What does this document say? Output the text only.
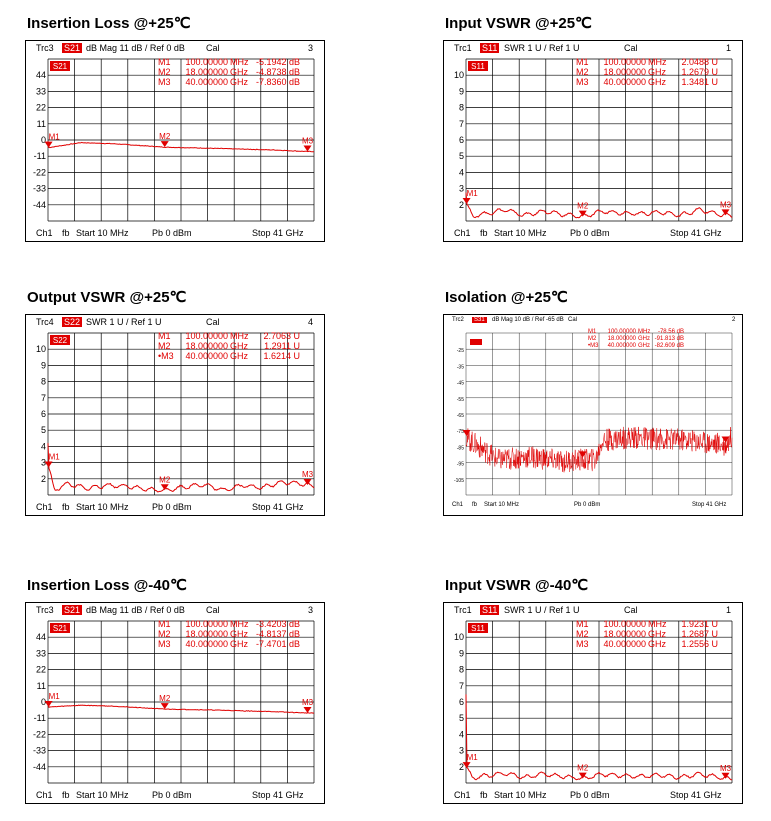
Insertion Loss @+25℃
Trc3 S21 dB Mag 11 dB / Ref 0 dB Cal	3
Ch1 fb Start 10 MHz	Pb 0 dBm	Stop 41 GHz
44
33
22
11
0
-11
-22
-33
-44
S21
M1	M2	M3
M1 100.00000 MHz -5.1942 dB
M2 18.000000 GHz -4.8738 dB
M3 40.000000 GHz -7.8360 dB
Input VSWR @+25℃
Trc1 S11 SWR 1 U / Ref 1 U	Cal	1
Ch1 fb Start 10 MHz	Pb 0 dBm	Stop 41 GHz
10
9
8
7
6
5
4
3
2
S11
M1
M2	M3
M1 100.00000 MHz 2.0488 U
M2 18.000000 GHz 1.2679 U
M3 40.000000 GHz 1.3481 U
Output VSWR @+25℃
Trc4 S22 SWR 1 U / Ref 1 U	Cal	4
Ch1 fb Start 10 MHz	Pb 0 dBm	Stop 41 GHz
10
9
8
7
6
5
4
3
2
S22
M1
M2
M3
M1 100.00000 MHz 2.7063 U
M2 18.000000 GHz 1.2911 U
•M3 40.000000 GHz 1.6214 U
Isolation @+25℃
Trc2	S31	dB Mag 10 dB / Ref -65 dB Cal	2
Ch1 fb Start 10 MHz	Pb 0 dBm	Stop 41 GHz
-25
-35
-45
-55
-65
-75
-85
-95
-105
M1 100.00000 MHz -78.56 dB
M2 18.000000 GHz -91.813 dB
•M3 40.000000 GHz -82.609 dB
Insertion Loss @-40℃
Trc3 S21 dB Mag 11 dB / Ref 0 dB Cal	3
Ch1 fb Start 10 MHz	Pb 0 dBm	Stop 41 GHz
44
33
22
11
0
-11
-22
-33
-44
S21
M1	M2	M3
M1 100.00000 MHz -3.4203 dB
M2 18.000000 GHz -4.8137 dB
M3 40.000000 GHz -7.4701 dB
Input VSWR @-40℃
Trc1 S11 SWR 1 U / Ref 1 U	Cal	1
Ch1 fb Start 10 MHz	Pb 0 dBm	Stop 41 GHz
10
9
8
7
6
5
4
3
2
S11
M1
M2	M3
M1 100.00000 MHz 1.9231 U
M2 18.000000 GHz 1.2687 U
M3 40.000000 GHz 1.2556 U
